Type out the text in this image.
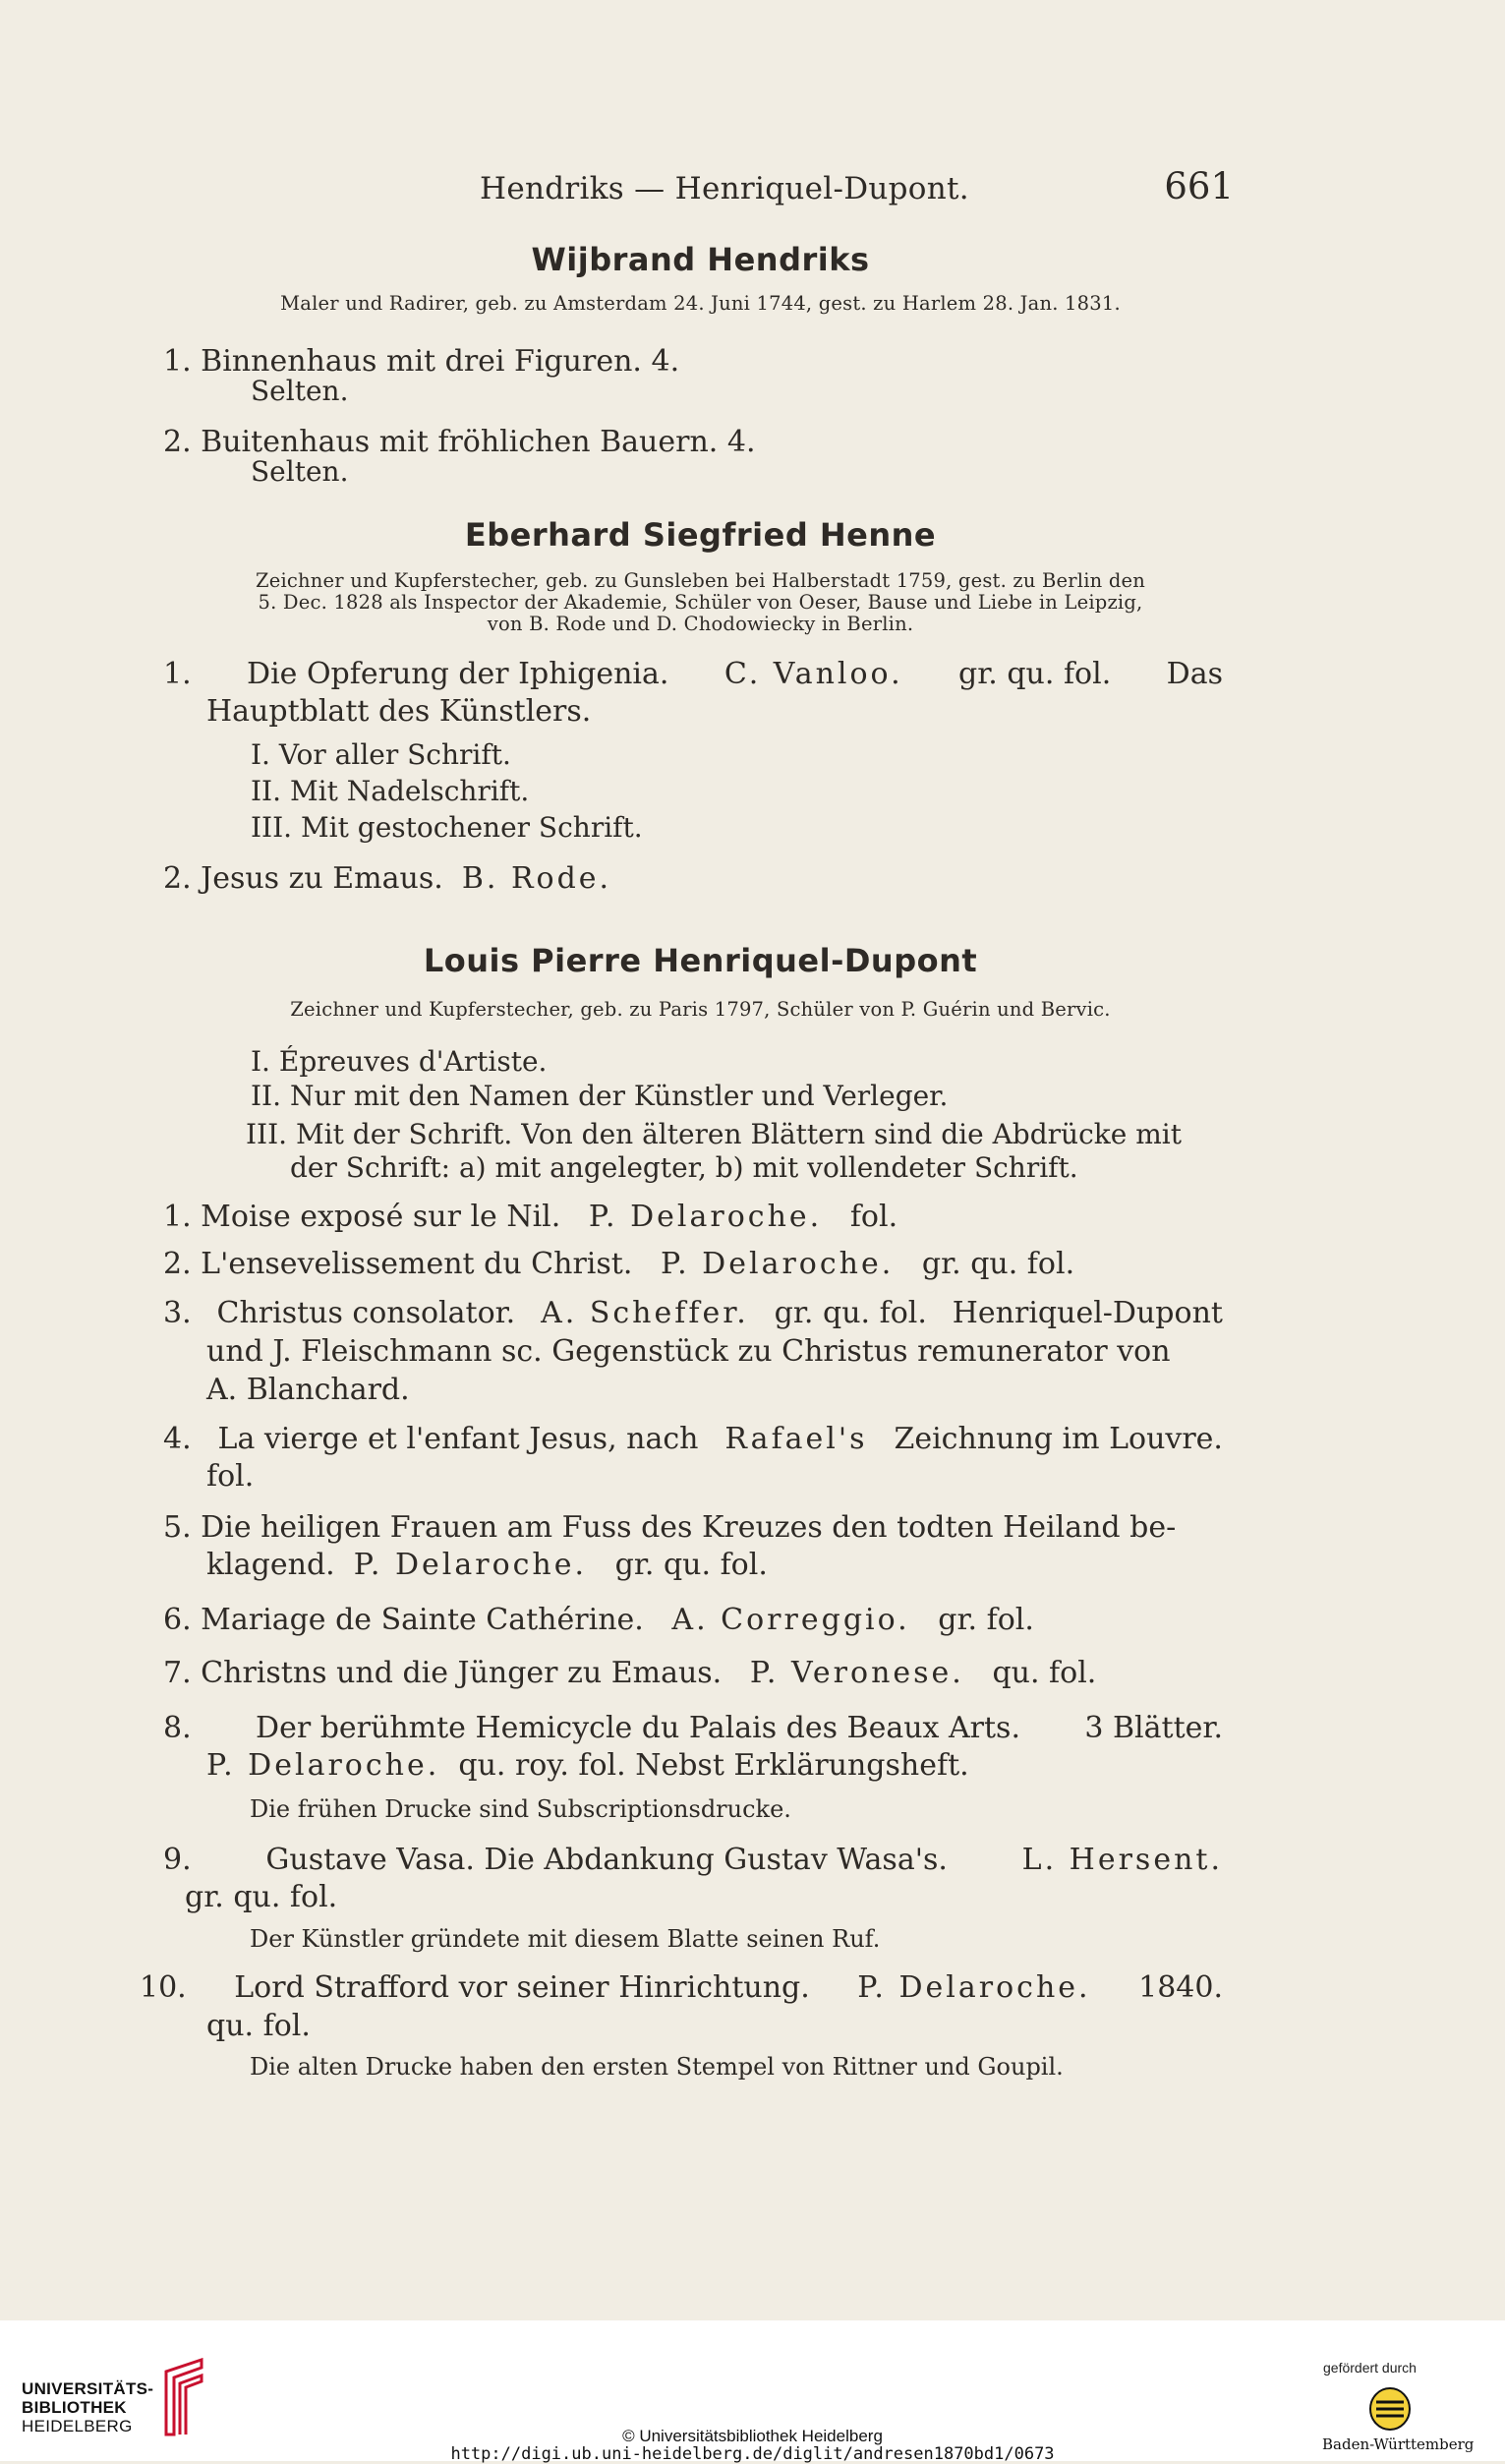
Hendriks — Henriquel-Dupont.	661
Wijbrand Hendriks
Maler und Radirer, geb. zu Amsterdam 24. Juni 1744, gest. zu Harlem 28. Jan. 1831.
1. Binnenhaus mit drei Figuren. 4.
Selten.
2. Buitenhaus mit fröhlichen Bauern. 4.
Selten.
Eberhard Siegfried Henne
Zeichner und Kupferstecher, geb. zu Gunsleben bei Halberstadt 1759, gest. zu Berlin den
5. Dec. 1828 als Inspector der Akademie, Schüler von Oeser, Bause und Liebe in Leipzig,
von B. Rode und D. Chodowiecky in Berlin.
1. Die Opferung der Iphigenia. C. Vanloo. gr. qu. fol. Das
Hauptblatt des Künstlers.
I. Vor aller Schrift.
II. Mit Nadelschrift.
III. Mit gestochener Schrift.
2. Jesus zu Emaus. B. Rode.
Louis Pierre Henriquel-Dupont
Zeichner und Kupferstecher, geb. zu Paris 1797, Schüler von P. Guérin und Bervic.
I. Épreuves d'Artiste.
II. Nur mit den Namen der Künstler und Verleger.
III. Mit der Schrift. Von den älteren Blättern sind die Abdrücke mit
der Schrift: a) mit angelegter, b) mit vollendeter Schrift.
1. Moise exposé sur le Nil. P. Delaroche. fol.
2. L'ensevelissement du Christ. P. Delaroche. gr. qu. fol.
3. Christus consolator. A. Scheffer. gr. qu. fol. Henriquel-Dupont
und J. Fleischmann sc. Gegenstück zu Christus remunerator von
A. Blanchard.
4. La vierge et l'enfant Jesus, nach Rafael's Zeichnung im Louvre.
fol.
5. Die heiligen Frauen am Fuss des Kreuzes den todten Heiland be-
klagend. P. Delaroche. gr. qu. fol.
6. Mariage de Sainte Cathérine. A. Correggio. gr. fol.
7. Christns und die Jünger zu Emaus. P. Veronese. qu. fol.
8. Der berühmte Hemicycle du Palais des Beaux Arts. 3 Blätter.
P. Delaroche. qu. roy. fol. Nebst Erklärungsheft.
Die frühen Drucke sind Subscriptionsdrucke.
9.	Gustave Vasa. Die Abdankung Gustav Wasa's.	L. Hersent.
gr. qu. fol.
Der Künstler gründete mit diesem Blatte seinen Ruf.
10. Lord Strafford vor seiner Hinrichtung. P. Delaroche. 1840.
qu. fol.
Die alten Drucke haben den ersten Stempel von Rittner und Goupil.
UNIVERSITÄTS-
BIBLIOTHEK
HEIDELBERG
© Universitätsbibliothek Heidelberg
http://digi.ub.uni-heidelberg.de/diglit/andresen1870bd1/0673
gefördert durch
Baden-Württemberg
